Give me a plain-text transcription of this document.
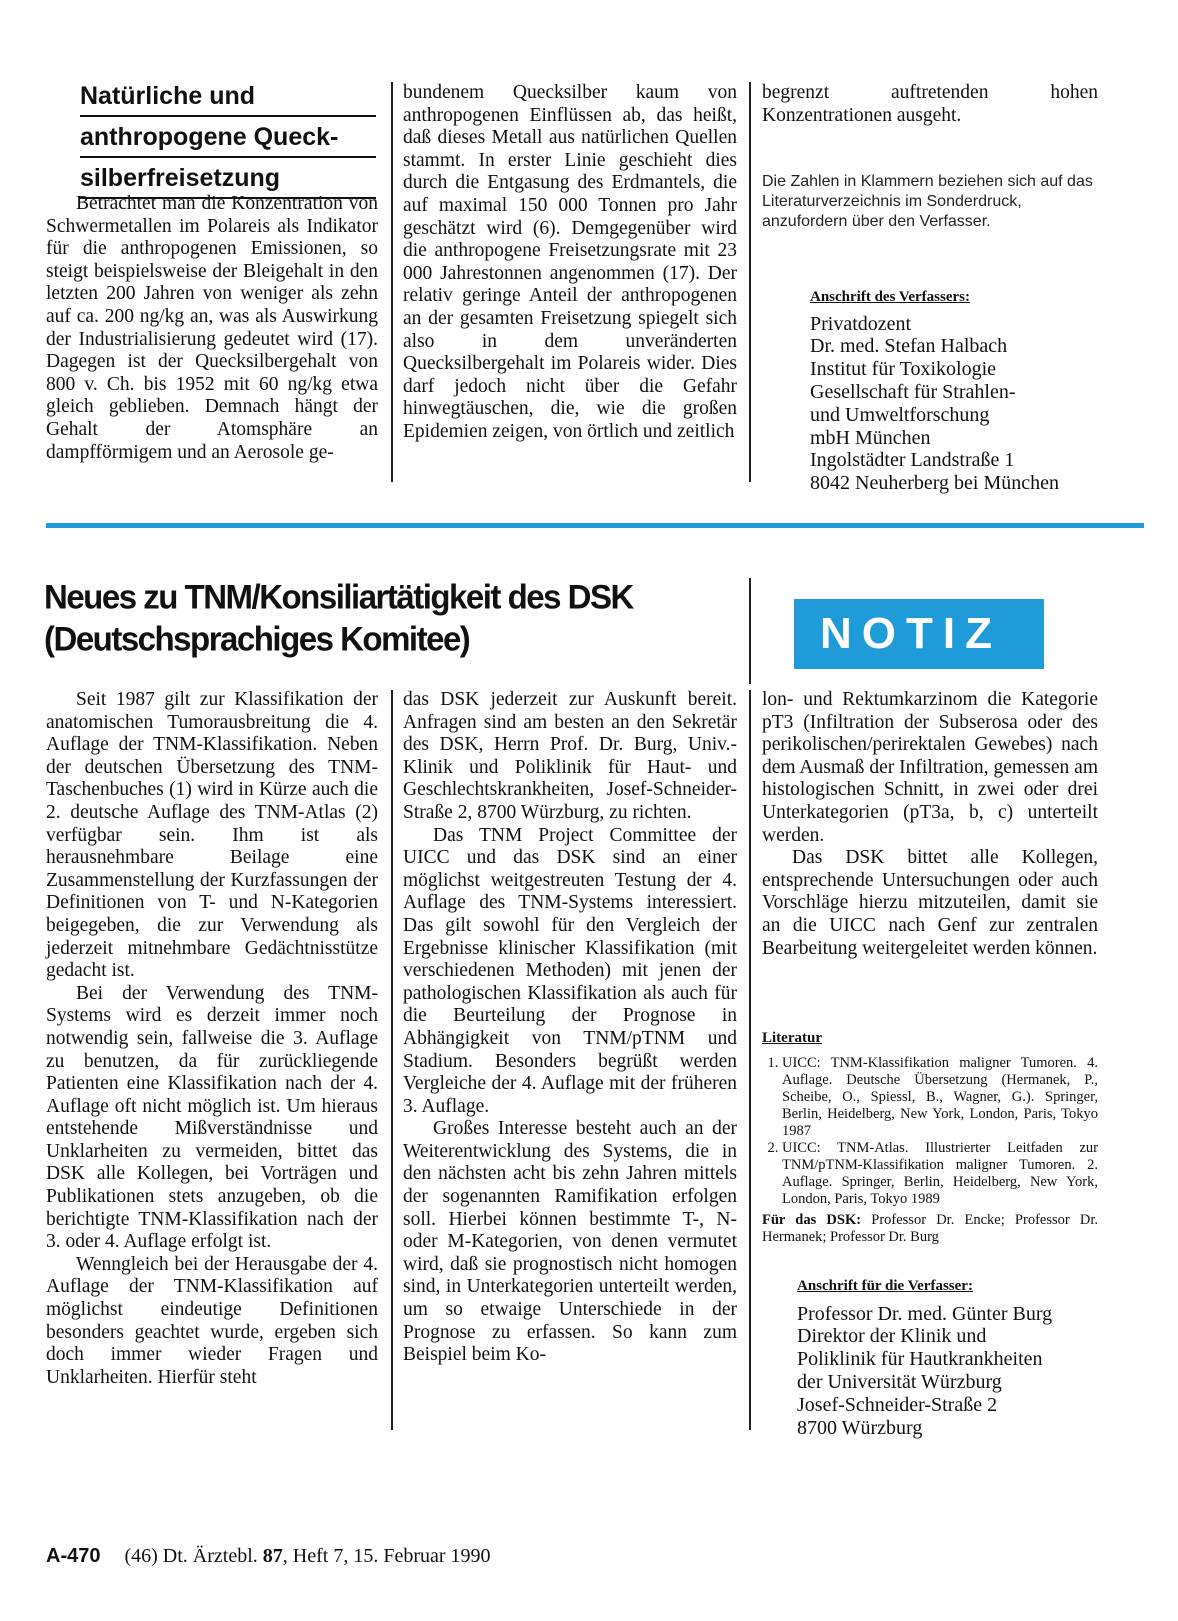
Natürliche und
anthropogene Queck-
silberfreisetzung

Betrachtet man die Konzentration von Schwermetallen im Polareis als Indikator für die anthropogenen Emissionen, so steigt beispielsweise der Bleigehalt in den letzten 200 Jahren von weniger als zehn auf ca. 200 ng/kg an, was als Auswirkung der Industrialisierung gedeutet wird (17). Dagegen ist der Quecksilbergehalt von 800 v. Ch. bis 1952 mit 60 ng/kg etwa gleich geblieben. Demnach hängt der Gehalt der Atomsphäre an dampfförmigem und an Aerosole ge-

bundenem Quecksilber kaum von anthropogenen Einflüssen ab, das heißt, daß dieses Metall aus natürlichen Quellen stammt. In erster Linie geschieht dies durch die Entgasung des Erdmantels, die auf maximal 150 000 Tonnen pro Jahr geschätzt wird (6). Demgegenüber wird die anthropogene Freisetzungsrate mit 23 000 Jahrestonnen angenommen (17). Der relativ geringe Anteil der anthropogenen an der gesamten Freisetzung spiegelt sich also in dem unveränderten Quecksilbergehalt im Polareis wider. Dies darf jedoch nicht über die Gefahr hinwegtäuschen, die, wie die großen Epidemien zeigen, von örtlich und zeitlich

begrenzt auftretenden hohen Konzentrationen ausgeht.

Die Zahlen in Klammern beziehen sich auf das Literaturverzeichnis im Sonderdruck, anzufordern über den Verfasser.
Anschrift des Verfassers:
Privatdozent
Dr. med. Stefan Halbach
Institut für Toxikologie
Gesellschaft für Strahlen-
und Umweltforschung
mbH München
Ingolstädter Landstraße 1
8042 Neuherberg bei München
Neues zu TNM/Konsiliartätigkeit des DSK
(Deutschsprachiges Komitee)	NOTIZ

Seit 1987 gilt zur Klassifikation der anatomischen Tumorausbreitung die 4. Auflage der TNM-Klassifikation. Neben der deutschen Übersetzung des TNM-Taschenbuches (1) wird in Kürze auch die 2. deutsche Auflage des TNM-Atlas (2) verfügbar sein. Ihm ist als herausnehmbare Beilage eine Zusammenstellung der Kurzfassungen der Definitionen von T- und N-Kategorien beigegeben, die zur Verwendung als jederzeit mitnehmbare Gedächtnisstütze gedacht ist.

Bei der Verwendung des TNM-Systems wird es derzeit immer noch notwendig sein, fallweise die 3. Auflage zu benutzen, da für zurückliegende Patienten eine Klassifikation nach der 4. Auflage oft nicht möglich ist. Um hieraus entstehende Mißverständnisse und Unklarheiten zu vermeiden, bittet das DSK alle Kollegen, bei Vorträgen und Publikationen stets anzugeben, ob die berichtigte TNM-Klassifikation nach der 3. oder 4. Auflage erfolgt ist.

Wenngleich bei der Herausgabe der 4. Auflage der TNM-Klassifikation auf möglichst eindeutige Definitionen besonders geachtet wurde, ergeben sich doch immer wieder Fragen und Unklarheiten. Hierfür steht

das DSK jederzeit zur Auskunft bereit. Anfragen sind am besten an den Sekretär des DSK, Herrn Prof. Dr. Burg, Univ.-Klinik und Poliklinik für Haut- und Geschlechtskrankheiten, Josef-Schneider-Straße 2, 8700 Würzburg, zu richten.

Das TNM Project Committee der UICC und das DSK sind an einer möglichst weitgestreuten Testung der 4. Auflage des TNM-Systems interessiert. Das gilt sowohl für den Vergleich der Ergebnisse klinischer Klassifikation (mit verschiedenen Methoden) mit jenen der pathologischen Klassifikation als auch für die Beurteilung der Prognose in Abhängigkeit von TNM/pTNM und Stadium. Besonders begrüßt werden Vergleiche der 4. Auflage mit der früheren 3. Auflage.

Großes Interesse besteht auch an der Weiterentwicklung des Systems, die in den nächsten acht bis zehn Jahren mittels der sogenannten Ramifikation erfolgen soll. Hierbei können bestimmte T-, N- oder M-Kategorien, von denen vermutet wird, daß sie prognostisch nicht homogen sind, in Unterkategorien unterteilt werden, um so etwaige Unterschiede in der Prognose zu erfassen. So kann zum Beispiel beim Ko-

lon- und Rektumkarzinom die Kategorie pT3 (Infiltration der Subserosa oder des perikolischen/perirektalen Gewebes) nach dem Ausmaß der Infiltration, gemessen am histologischen Schnitt, in zwei oder drei Unterkategorien (pT3a, b, c) unterteilt werden.

Das DSK bittet alle Kollegen, entsprechende Untersuchungen oder auch Vorschläge hierzu mitzuteilen, damit sie an die UICC nach Genf zur zentralen Bearbeitung weitergeleitet werden können.

Literatur
1. UICC: TNM-Klassifikation maligner Tumoren. 4. Auflage. Deutsche Übersetzung (Hermanek, P., Scheibe, O., Spiessl, B., Wagner, G.). Springer, Berlin, Heidelberg, New York, London, Paris, Tokyo 1987
2. UICC: TNM-Atlas. Illustrierter Leitfaden zur TNM/pTNM-Klassifikation maligner Tumoren. 2. Auflage. Springer, Berlin, Heidelberg, New York, London, Paris, Tokyo 1989
Für das DSK: Professor Dr. Encke; Professor Dr. Hermanek; Professor Dr. Burg
Anschrift für die Verfasser:
Professor Dr. med. Günter Burg
Direktor der Klinik und
Poliklinik für Hautkrankheiten
der Universität Würzburg
Josef-Schneider-Straße 2
8700 Würzburg
A-470 (46) Dt. Ärztebl. 87, Heft 7, 15. Februar 1990
